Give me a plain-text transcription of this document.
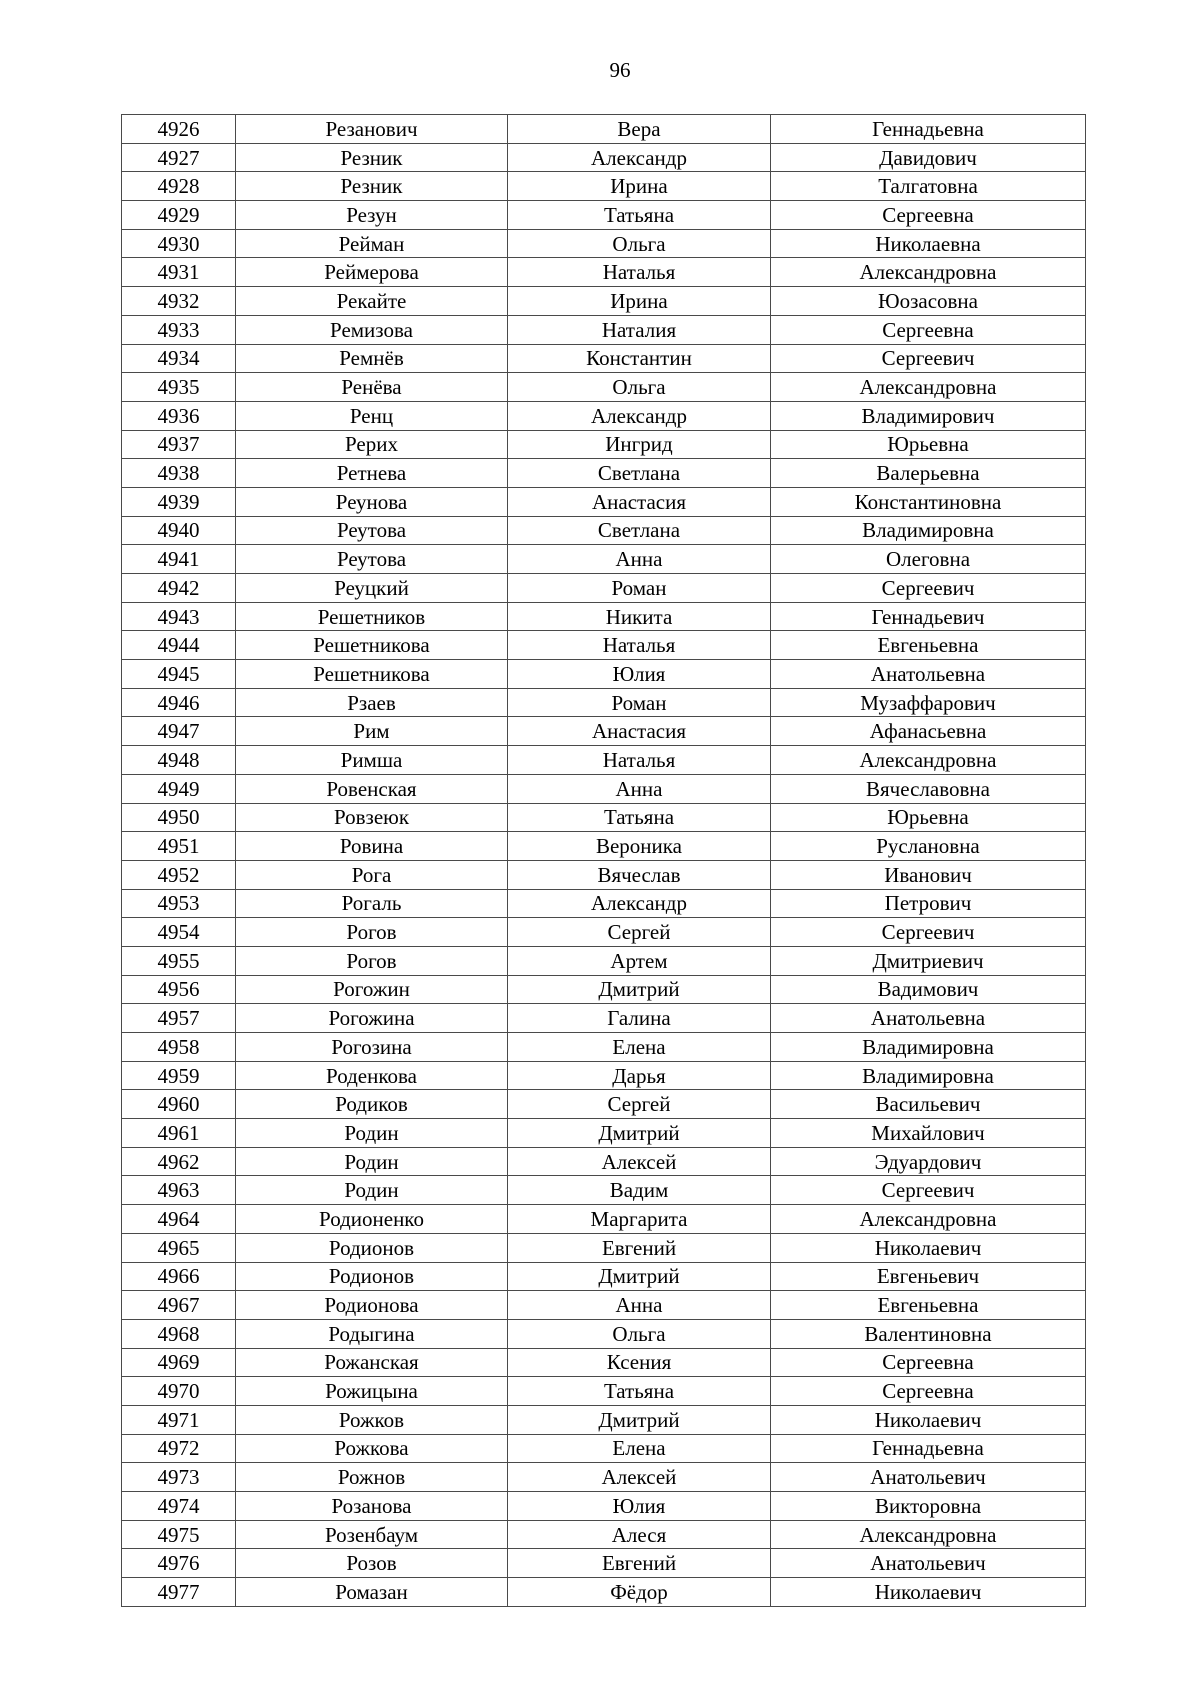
96
4926	Резанович	Вера	Геннадьевна
4927	Резник	Александр	Давидович
4928	Резник	Ирина	Талгатовна
4929	Резун	Татьяна	Сергеевна
4930	Рейман	Ольга	Николаевна
4931	Реймерова	Наталья	Александровна
4932	Рекайте	Ирина	Юозасовна
4933	Ремизова	Наталия	Сергеевна
4934	Ремнёв	Константин	Сергеевич
4935	Ренёва	Ольга	Александровна
4936	Ренц	Александр	Владимирович
4937	Рерих	Ингрид	Юрьевна
4938	Ретнева	Светлана	Валерьевна
4939	Реунова	Анастасия	Константиновна
4940	Реутова	Светлана	Владимировна
4941	Реутова	Анна	Олеговна
4942	Реуцкий	Роман	Сергеевич
4943	Решетников	Никита	Геннадьевич
4944	Решетникова	Наталья	Евгеньевна
4945	Решетникова	Юлия	Анатольевна
4946	Рзаев	Роман	Музаффарович
4947	Рим	Анастасия	Афанасьевна
4948	Римша	Наталья	Александровна
4949	Ровенская	Анна	Вячеславовна
4950	Ровзеюк	Татьяна	Юрьевна
4951	Ровина	Вероника	Руслановна
4952	Рога	Вячеслав	Иванович
4953	Рогаль	Александр	Петрович
4954	Рогов	Сергей	Сергеевич
4955	Рогов	Артем	Дмитриевич
4956	Рогожин	Дмитрий	Вадимович
4957	Рогожина	Галина	Анатольевна
4958	Рогозина	Елена	Владимировна
4959	Роденкова	Дарья	Владимировна
4960	Родиков	Сергей	Васильевич
4961	Родин	Дмитрий	Михайлович
4962	Родин	Алексей	Эдуардович
4963	Родин	Вадим	Сергеевич
4964	Родионенко	Маргарита	Александровна
4965	Родионов	Евгений	Николаевич
4966	Родионов	Дмитрий	Евгеньевич
4967	Родионова	Анна	Евгеньевна
4968	Родыгина	Ольга	Валентиновна
4969	Рожанская	Ксения	Сергеевна
4970	Рожицына	Татьяна	Сергеевна
4971	Рожков	Дмитрий	Николаевич
4972	Рожкова	Елена	Геннадьевна
4973	Рожнов	Алексей	Анатольевич
4974	Розанова	Юлия	Викторовна
4975	Розенбаум	Алеся	Александровна
4976	Розов	Евгений	Анатольевич
4977	Ромазан	Фёдор	Николаевич
